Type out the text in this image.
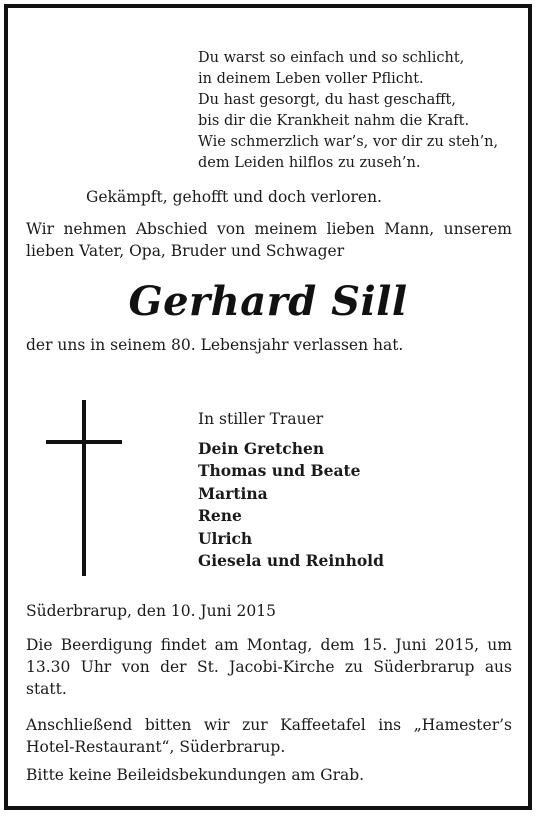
Du warst so einfach und so schlicht,
in deinem Leben voller Pflicht.
Du hast gesorgt, du hast geschafft,
bis dir die Krankheit nahm die Kraft.
Wie schmerzlich war’s, vor dir zu steh’n,
dem Leiden hilflos zu zuseh’n.
Gekämpft, gehofft und doch verloren.
Wir nehmen Abschied von meinem lieben Mann, unserem lieben Vater, Opa, Bruder und Schwager
Gerhard Sill
der uns in seinem 80. Lebensjahr verlassen hat.
In stiller Trauer
Dein Gretchen
Thomas und Beate
Martina
Rene
Ulrich
Giesela und Reinhold
Süderbrarup, den 10. Juni 2015
Die Beerdigung findet am Montag, dem 15. Juni 2015, um 13.30 Uhr von der St. Jacobi-Kirche zu Süderbrarup aus statt.
Anschließend bitten wir zur Kaffeetafel ins „Hamester’s Hotel-Restaurant“, Süderbrarup.
Bitte keine Beileidsbekundungen am Grab.
